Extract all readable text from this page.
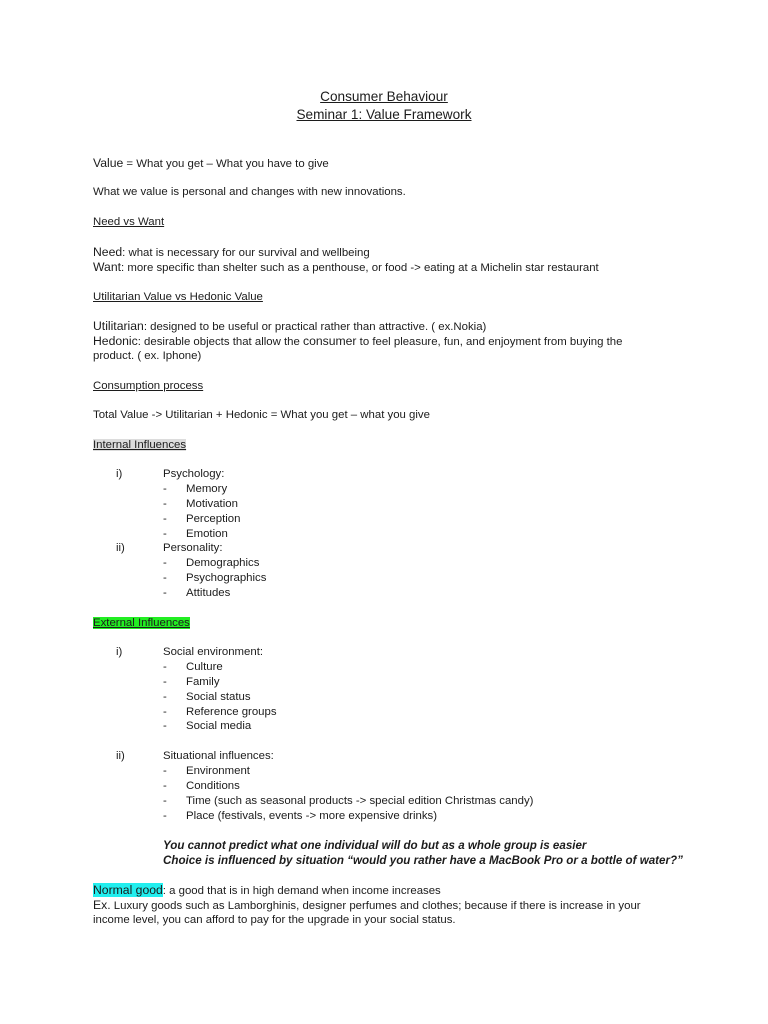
Consumer Behaviour
Seminar 1: Value Framework
Value = What you get – What you have to give
What we value is personal and changes with new innovations.
Need vs Want
Need: what is necessary for our survival and wellbeing
Want: more specific than shelter such as a penthouse, or food -> eating at a Michelin star restaurant
Utilitarian Value vs Hedonic Value
Utilitarian: designed to be useful or practical rather than attractive. ( ex.Nokia)
Hedonic: desirable objects that allow the consumer to feel pleasure, fun, and enjoyment from buying the
product. ( ex. Iphone)
Consumption process
Total Value -> Utilitarian + Hedonic = What you get – what you give
Internal Influences
i)	Psychology:
- Memory
- Motivation
- Perception
- Emotion
ii)	Personality:
- Demographics
- Psychographics
- Attitudes
External Influences
i)	Social environment:
- Culture
- Family
- Social status
- Reference groups
- Social media
ii)	Situational influences:
- Environment
- Conditions
- Time (such as seasonal products -> special edition Christmas candy)
- Place (festivals, events -> more expensive drinks)
You cannot predict what one individual will do but as a whole group is easier
Choice is influenced by situation “would you rather have a MacBook Pro or a bottle of water?”
Normal good: a good that is in high demand when income increases
Ex. Luxury goods such as Lamborghinis, designer perfumes and clothes; because if there is increase in your
income level, you can afford to pay for the upgrade in your social status.
